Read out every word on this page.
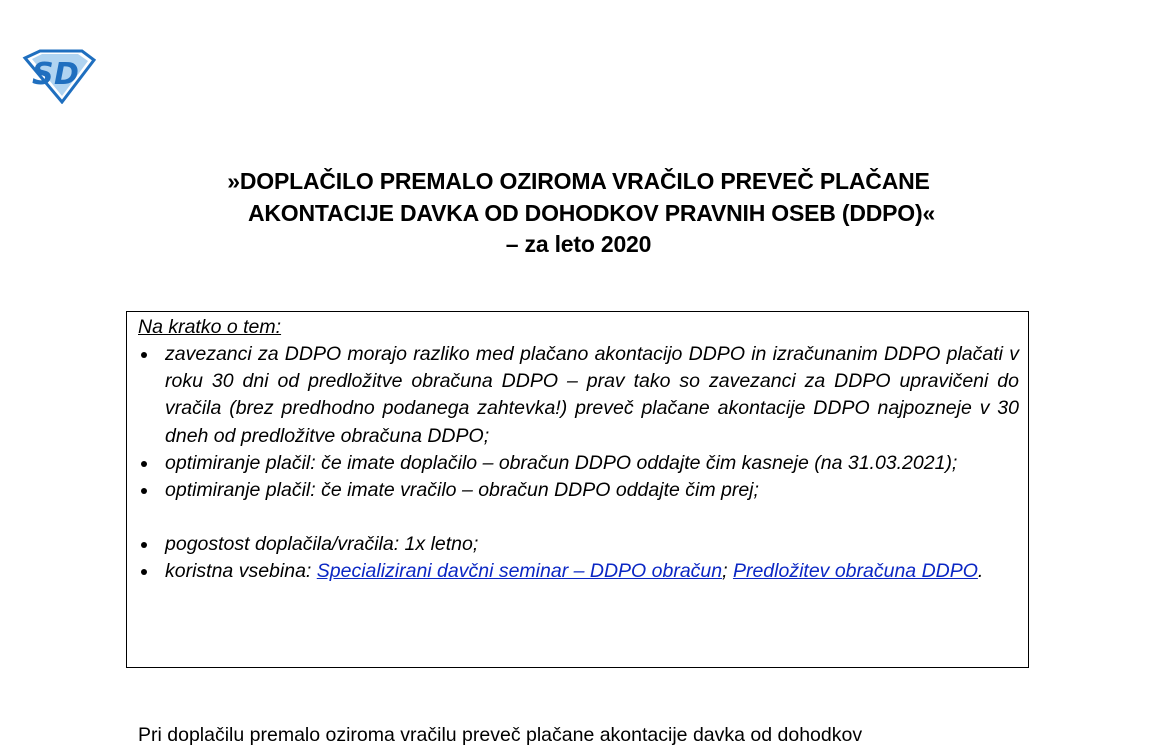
S D
»DOPLAČILO PREMALO OZIROMA VRAČILO PREVEČ PLAČANE
AKONTACIJE DAVKA OD DOHODKOV PRAVNIH OSEB (DDPO)«
– za leto 2020
Na kratko o tem:
zavezanci za DDPO morajo razliko med plačano akontacijo DDPO in izračunanim DDPO plačati v roku 30 dni od predložitve obračuna DDPO – prav tako so zavezanci za DDPO upravičeni do vračila (brez predhodno podanega zahtevka!) preveč plačane akontacije DDPO najpozneje v 30 dneh od predložitve obračuna DDPO;
optimiranje plačil: če imate doplačilo – obračun DDPO oddajte čim kasneje (na 31.03.2021);
optimiranje plačil: če imate vračilo – obračun DDPO oddajte čim prej;
pogostost doplačila/vračila: 1x letno;
koristna vsebina: Specializirani davčni seminar – DDPO obračun; Predložitev obračuna DDPO.
Pri doplačilu premalo oziroma vračilu preveč plačane akontacije davka od dohodkov
